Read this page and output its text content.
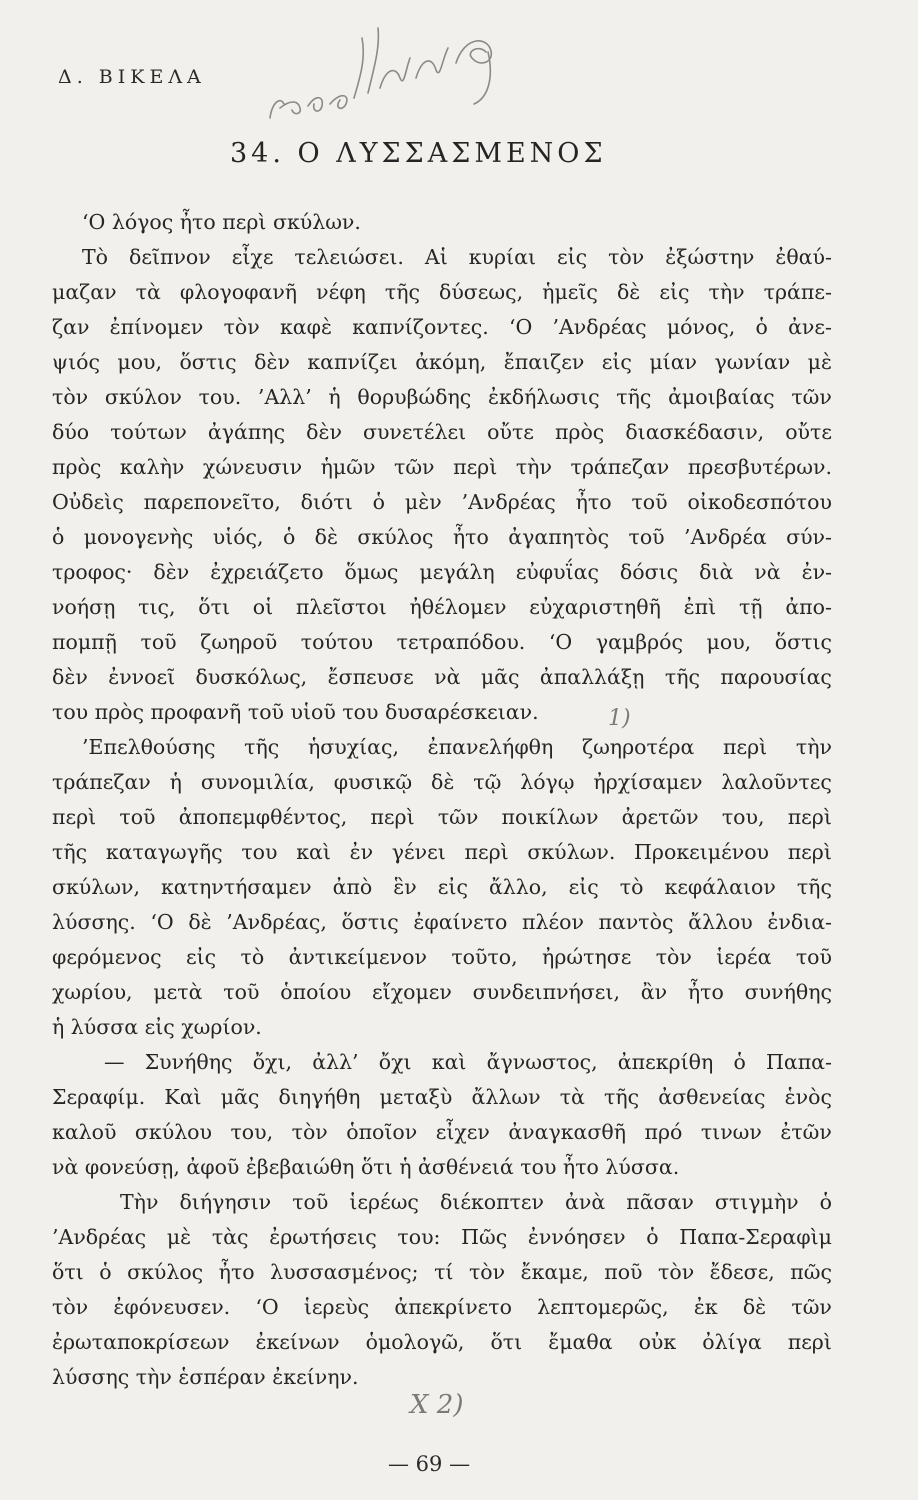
Δ. ΒΙΚΕΛΑ
reading
34. Ο ΛΥΣΣΑΣΜΕΝΟΣ
‘Ο λόγος ἦτο περὶ σκύλων.
Τὸ δεῖπνον εἶχε τελειώσει. Αἱ κυρίαι εἰς τὸν ἐξώστην ἐθαύ-
μαζαν τὰ φλογοφανῆ νέφη τῆς δύσεως, ἡμεῖς δὲ εἰς τὴν τράπε-
ζαν ἐπίνομεν τὸν καφὲ καπνίζοντες. ‘Ο ’Ανδρέας μόνος, ὁ ἀνε-
ψιός μου, ὅστις δὲν καπνίζει ἀκόμη, ἔπαιζεν εἰς μίαν γωνίαν μὲ
τὸν σκύλον του. ’Αλλ’ ἡ θορυβώδης ἐκδήλωσις τῆς ἀμοιβαίας τῶν
δύο τούτων ἀγάπης δὲν συνετέλει οὔτε πρὸς διασκέδασιν, οὔτε
πρὸς καλὴν χώνευσιν ἡμῶν τῶν περὶ τὴν τράπεζαν πρεσβυτέρων.
Οὐδεὶς παρεπονεῖτο, διότι ὁ μὲν ’Ανδρέας ἦτο τοῦ οἰκοδεσπότου
ὁ μονογενὴς υἱός, ὁ δὲ σκύλος ἦτο ἀγαπητὸς τοῦ ’Ανδρέα σύν-
τροφος· δὲν ἐχρειάζετο ὅμως μεγάλη εὐφυΐας δόσις διὰ νὰ ἐν-
νοήσῃ τις, ὅτι οἱ πλεῖστοι ἠθέλομεν εὐχαριστηθῆ ἐπὶ τῇ ἀπο-
πομπῇ τοῦ ζωηροῦ τούτου τετραπόδου. ‘Ο γαμβρός μου, ὅστις
δὲν ἐννοεῖ δυσκόλως, ἔσπευσε νὰ μᾶς ἀπαλλάξῃ τῆς παρουσίας
του πρὸς προφανῆ τοῦ υἱοῦ του δυσαρέσκειαν.
’Επελθούσης τῆς ἡσυχίας, ἐπανελήφθη ζωηροτέρα περὶ τὴν
τράπεζαν ἡ συνομιλία, φυσικῷ δὲ τῷ λόγῳ ἠρχίσαμεν λαλοῦντες
περὶ τοῦ ἀποπεμφθέντος, περὶ τῶν ποικίλων ἀρετῶν του, περὶ
τῆς καταγωγῆς του καὶ ἐν γένει περὶ σκύλων. Προκειμένου περὶ
σκύλων, κατηντήσαμεν ἀπὸ ἓν εἰς ἄλλο, εἰς τὸ κεφάλαιον τῆς
λύσσης. ‘Ο δὲ ’Ανδρέας, ὅστις ἐφαίνετο πλέον παντὸς ἄλλου ἐνδια-
φερόμενος εἰς τὸ ἀντικείμενον τοῦτο, ἠρώτησε τὸν ἱερέα τοῦ
χωρίου, μετὰ τοῦ ὁποίου εἴχομεν συνδειπνήσει, ἂν ἦτο συνήθης
ἡ λύσσα εἰς χωρίον.
— Συνήθης ὄχι, ἀλλ’ ὄχι καὶ ἄγνωστος, ἀπεκρίθη ὁ Παπα-
Σεραφίμ. Καὶ μᾶς διηγήθη μεταξὺ ἄλλων τὰ τῆς ἀσθενείας ἑνὸς
καλοῦ σκύλου του, τὸν ὁποῖον εἶχεν ἀναγκασθῆ πρό τινων ἐτῶν
νὰ φονεύσῃ, ἀφοῦ ἐβεβαιώθη ὅτι ἡ ἀσθένειά του ἦτο λύσσα.
Τὴν διήγησιν τοῦ ἱερέως διέκοπτεν ἀνὰ πᾶσαν στιγμὴν ὁ
’Ανδρέας μὲ τὰς ἐρωτήσεις του: Πῶς ἐννόησεν ὁ Παπα-Σεραφὶμ
ὅτι ὁ σκύλος ἦτο λυσσασμένος; τί τὸν ἔκαμε, ποῦ τὸν ἔδεσε, πῶς
τὸν ἐφόνευσεν. ‘Ο ἱερεὺς ἀπεκρίνετο λεπτομερῶς, ἐκ δὲ τῶν
ἐρωταποκρίσεων ἐκείνων ὁμολογῶ, ὅτι ἔμαθα οὐκ ὀλίγα περὶ
λύσσης τὴν ἑσπέραν ἐκείνην.
1)
X 2)
— 69 —
